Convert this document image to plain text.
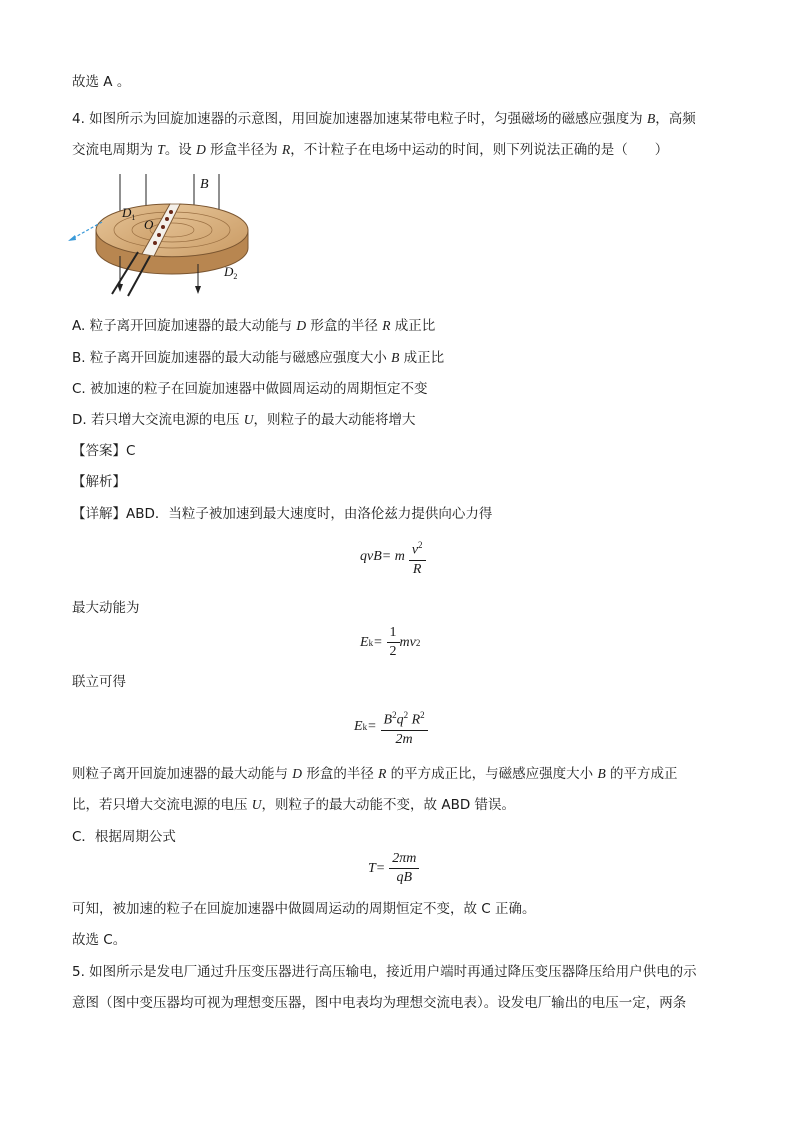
故选 A 。
4. 如图所示为回旋加速器的示意图，用回旋加速器加速某带电粒子时，匀强磁场的磁感应强度为 B，高频
交流电周期为 T。设 D 形盒半径为 R，不计粒子在电场中运动的时间，则下列说法正确的是（　　）
B
$D_1$ O
$D_2$
A. 粒子离开回旋加速器的最大动能与 D 形盒的半径 R 成正比
B. 粒子离开回旋加速器的最大动能与磁感应强度大小 B 成正比
C. 被加速的粒子在回旋加速器中做圆周运动的周期恒定不变
D. 若只增大交流电源的电压 U，则粒子的最大动能将增大
【答案】C
【解析】
【详解】ABD．当粒子被加速到最大速度时，由洛伦兹力提供向心力得
qvB = m $\frac{v^2}{R}$
最大动能为
E $k = \frac{1}{2}$ mv 2
联立可得
E $k = \frac{B^2q^2 R^2}{2m}$
则粒子离开回旋加速器的最大动能与 D 形盒的半径 R 的平方成正比，与磁感应强度大小 B 的平方成正
比，若只增大交流电源的电压 U，则粒子的最大动能不变，故 ABD 错误。
C．根据周期公式
$T = \frac{2\pi m}{qB}$
可知，被加速的粒子在回旋加速器中做圆周运动的周期恒定不变，故 C 正确。
故选 C。
5. 如图所示是发电厂通过升压变压器进行高压输电，接近用户端时再通过降压变压器降压给用户供电的示
意图（图中变压器均可视为理想变压器，图中电表均为理想交流电表）。设发电厂输出的电压一定，两条
